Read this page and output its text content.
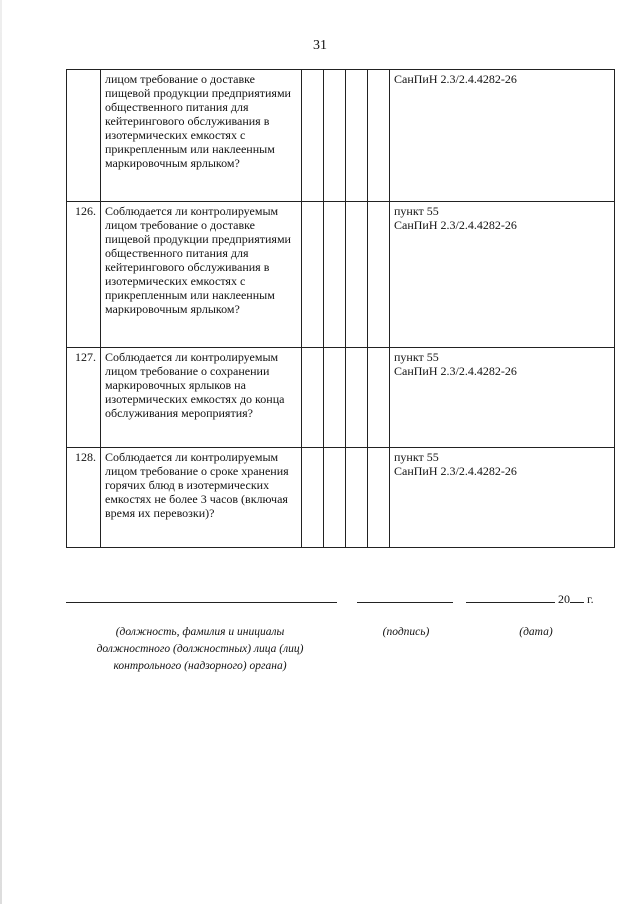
31
	лицом требование о доставке пищевой продукции предприятиями общественного питания для кейтерингового обслуживания в изотермических емкостях с прикрепленным или наклеенным маркировочным ярлыком?					СанПиН 2.3/2.4.4282-26

126.	Соблюдается ли контролируемым лицом требование о доставке пищевой продукции предприятиями общественного питания для кейтерингового обслуживания в изотермических емкостях с прикрепленным или наклеенным маркировочным ярлыком?					пункт 55
СанПиН 2.3/2.4.4282-26

127.	Соблюдается ли контролируемым лицом требование о сохранении маркировочных ярлыков на изотермических емкостях до конца обслуживания мероприятия?					пункт 55
СанПиН 2.3/2.4.4282-26

128.	Соблюдается ли контролируемым лицом требование о сроке хранения горячих блюд в изотермических емкостях не более 3 часов (включая время их перевозки)?					пункт 55
СанПиН 2.3/2.4.4282-26
20 г.
(должность, фамилия и инициалы должностного (должностных) лица (лиц) контрольного (надзорного) органа)
(подпись)	(дата)
